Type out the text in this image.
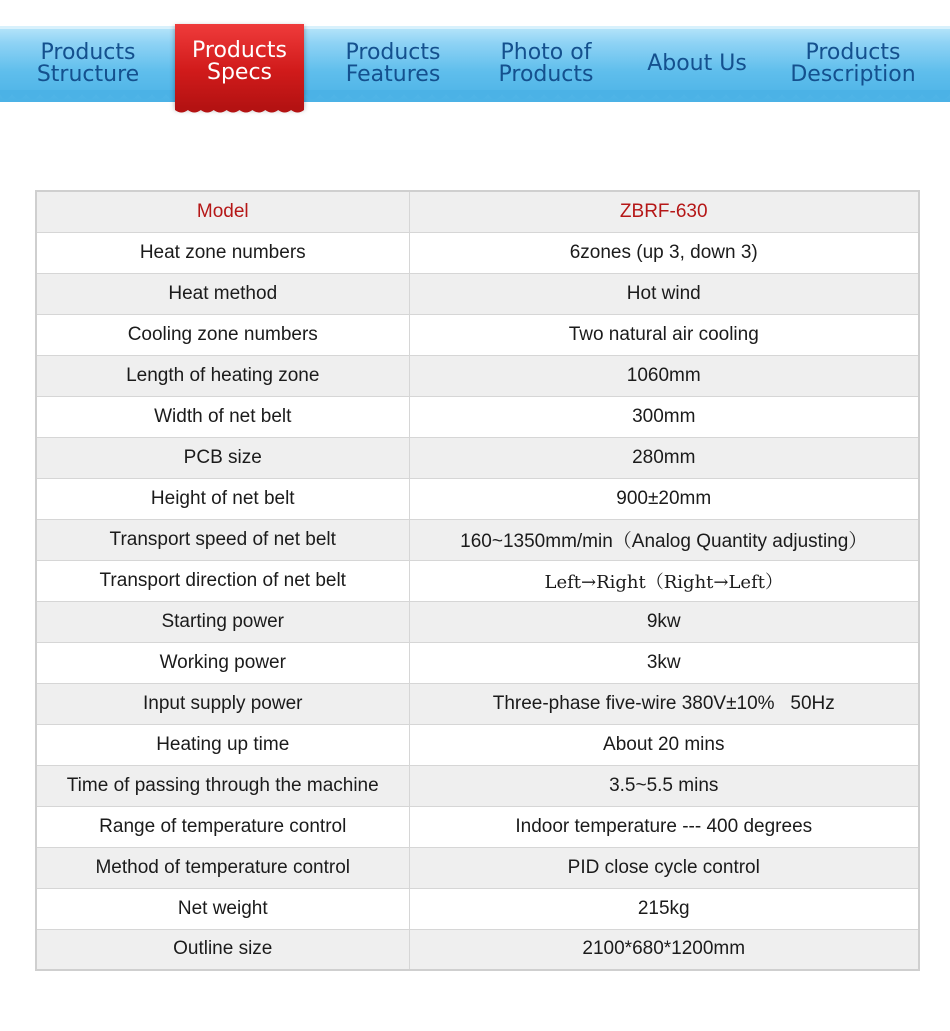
Products
Structure
Products
Specs
Products
Features
Photo of
Products	About Us	Products
Description
Model	ZBRF-630
Heat zone numbers	6zones (up 3, down 3)
Heat method	Hot wind
Cooling zone numbers	Two natural air cooling
Length of heating zone	1060mm
Width of net belt	300mm
PCB size	280mm
Height of net belt	900±20mm
Transport speed of net belt	160~1350mm/min（Analog Quantity adjusting）
Transport direction of net belt	Left→Right（Right→Left）
Starting power	9kw
Working power	3kw
Input supply power	Three-phase five-wire 380V±10%   50Hz
Heating up time	About 20 mins
Time of passing through the machine	3.5~5.5 mins
Range of temperature control	Indoor temperature --- 400 degrees
Method of temperature control	PID close cycle control
Net weight	215kg
Outline size	2100*680*1200mm
